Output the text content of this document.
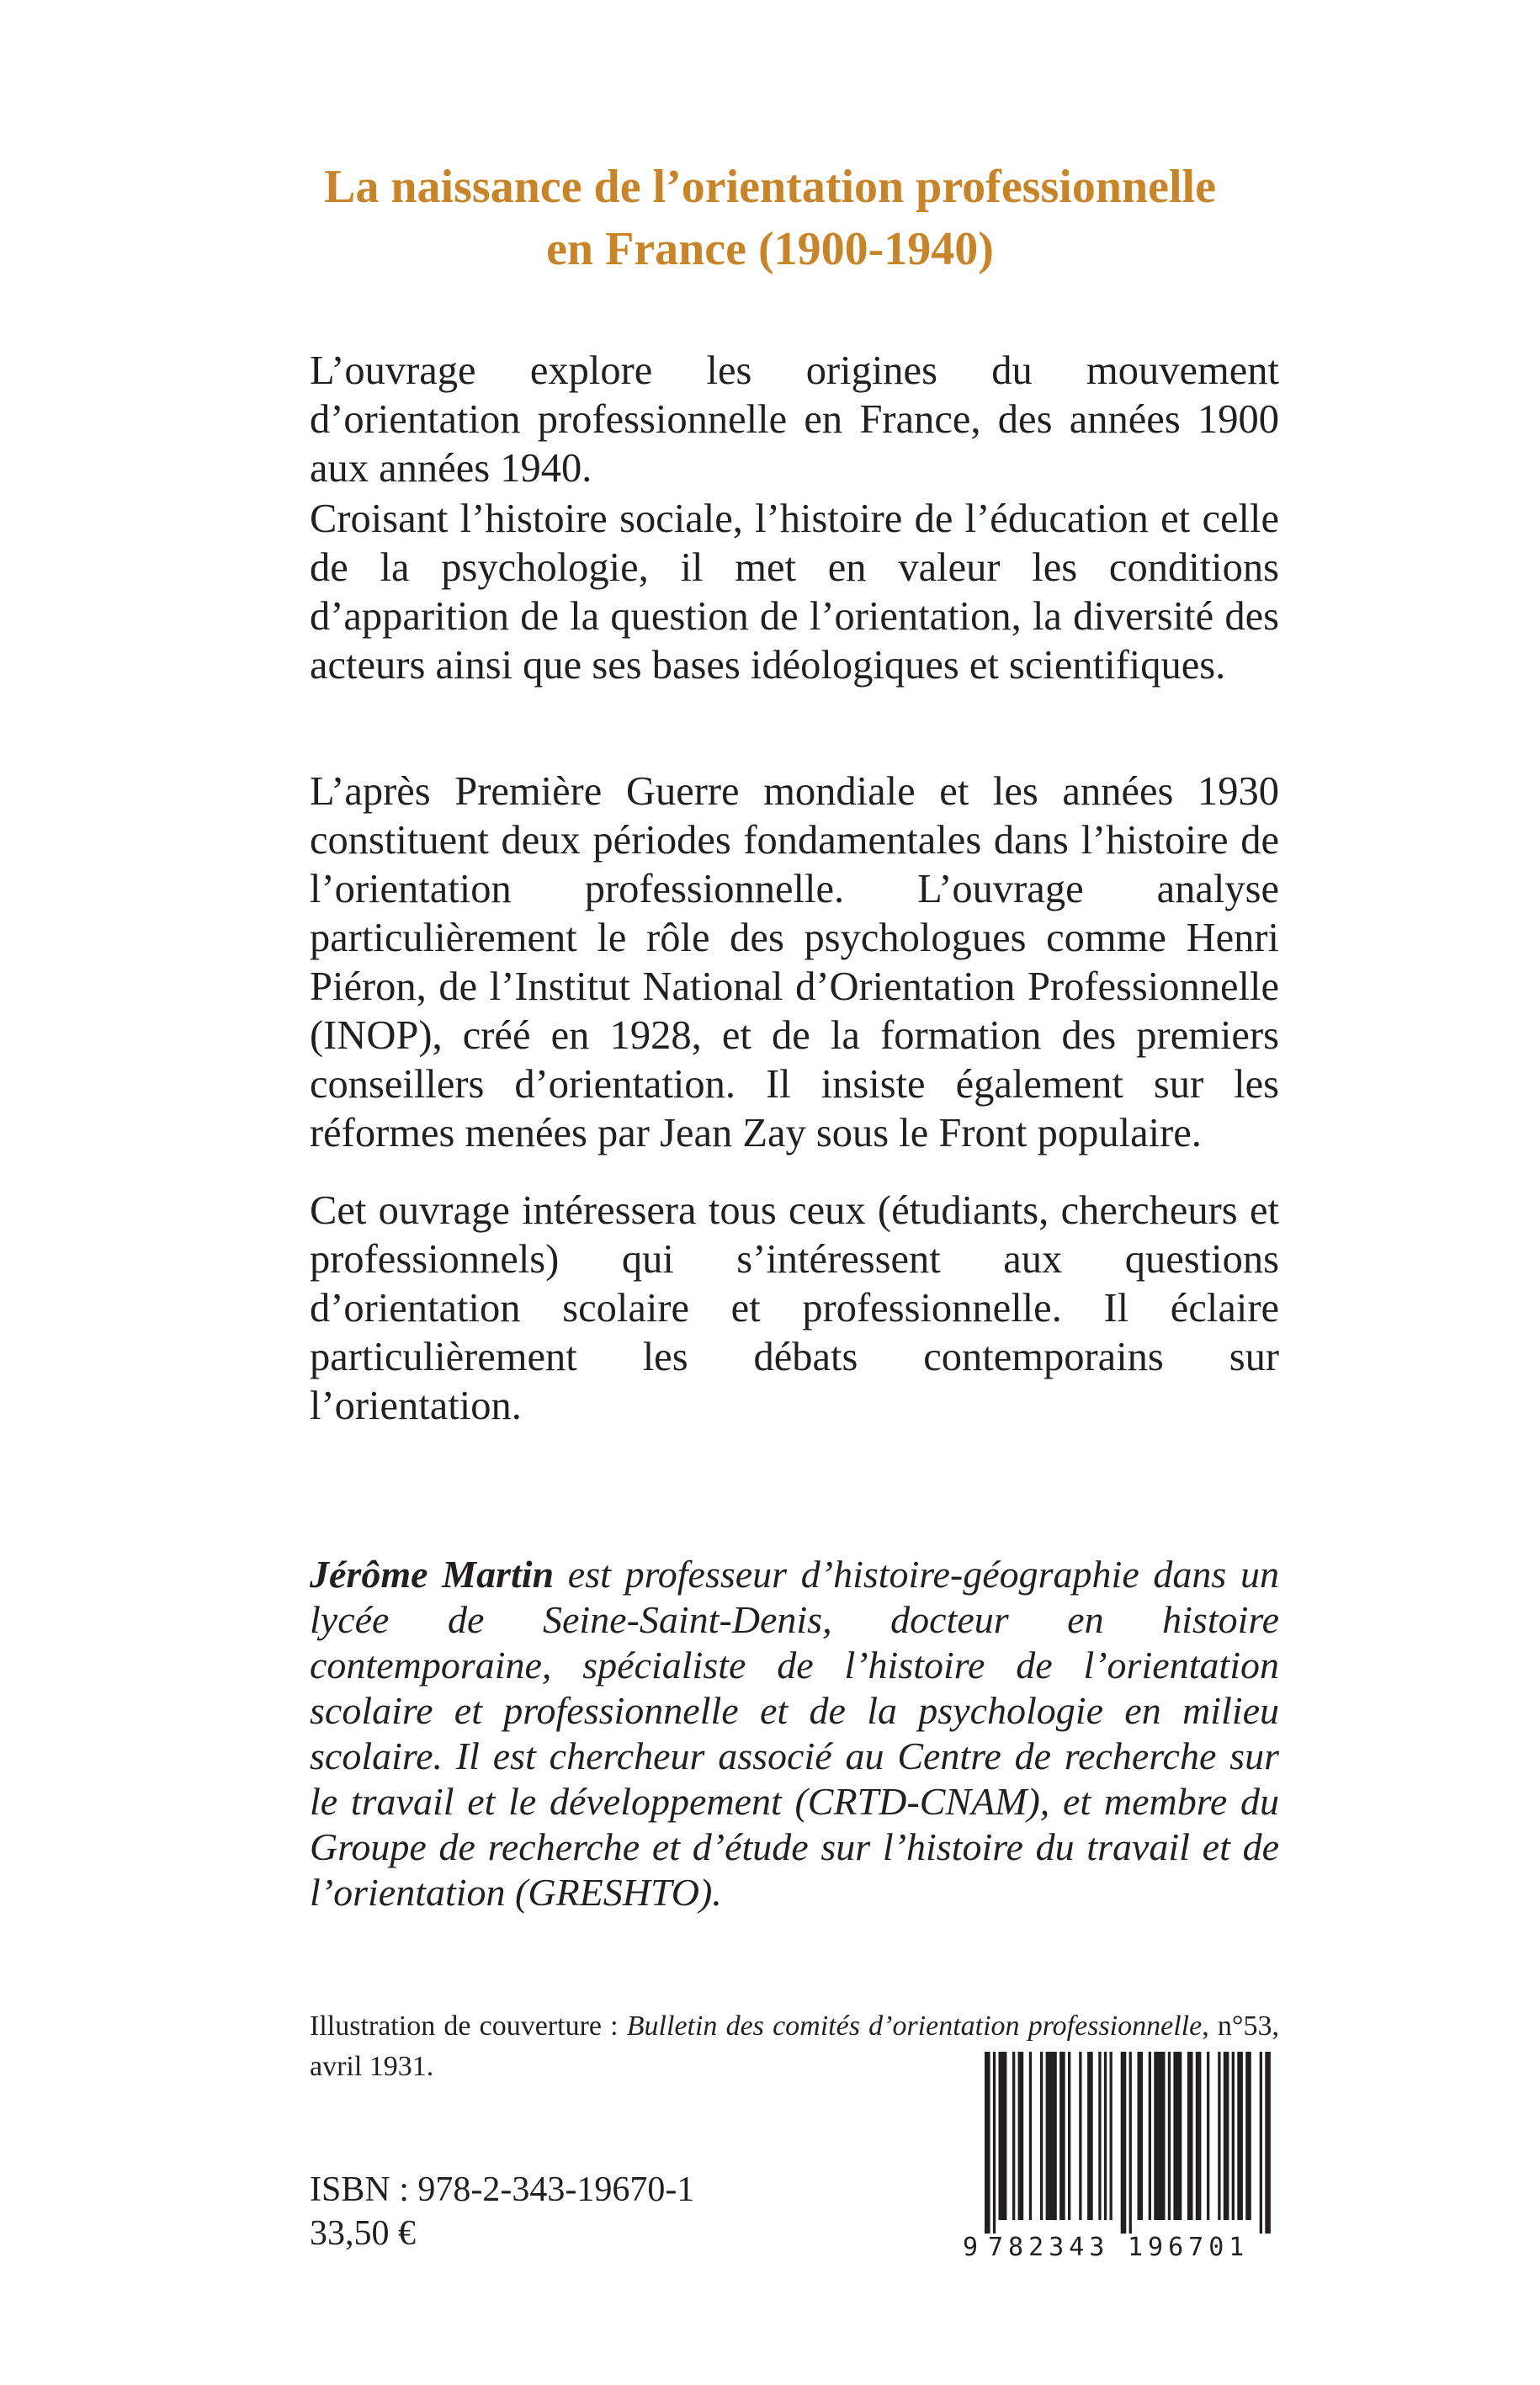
La naissance de l’orientation professionnelle
en France (1900-1940)

L’ouvrage explore les origines du mouvement d’orientation professionnelle en France, des années 1900 aux années 1940.

Croisant l’histoire sociale, l’histoire de l’éducation et celle de la psychologie, il met en valeur les conditions d’apparition de la question de l’orientation, la diversité des acteurs ainsi que ses bases idéologiques et scientifiques.

L’après Première Guerre mondiale et les années 1930 constituent deux périodes fondamentales dans l’histoire de l’orientation professionnelle. L’ouvrage analyse particulièrement le rôle des psychologues comme Henri Piéron, de l’Institut National d’Orientation Professionnelle (INOP), créé en 1928, et de la formation des premiers conseillers d’orientation. Il insiste également sur les réformes menées par Jean Zay sous le Front populaire.

Cet ouvrage intéressera tous ceux (étudiants, chercheurs et professionnels) qui s’intéressent aux questions d’orientation scolaire et professionnelle. Il éclaire particulièrement les débats contemporains sur l’orientation.

Jérôme Martin est professeur d’histoire-géographie dans un lycée de Seine-Saint-Denis, docteur en histoire contemporaine, spécialiste de l’histoire de l’orientation scolaire et professionnelle et de la psychologie en milieu scolaire. Il est chercheur associé au Centre de recherche sur le travail et le développement (CRTD-CNAM), et membre du Groupe de recherche et d’étude sur l’histoire du travail et de l’orientation (GRESHTO).
Illustration de couverture : Bulletin des comités d’orientation professionnelle, n°53, avril 1931.
ISBN : 978-2-343-19670-1
33,50 €	9 782343 196701
